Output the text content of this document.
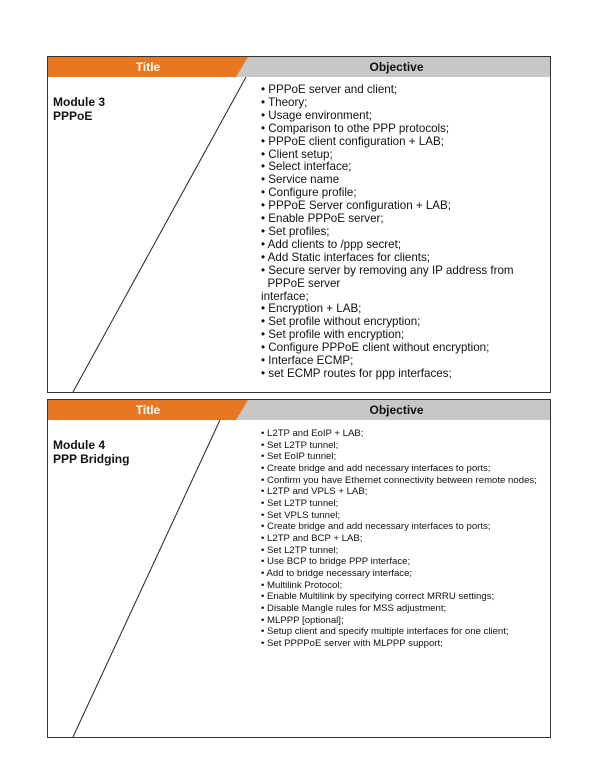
Title	Objective
Module 3
PPPoE
• PPPoE server and client;
• Theory;
• Usage environment;
• Comparison to othe PPP protocols;
• PPPoE client configuration + LAB;
• Client setup;
• Select interface;
• Service name
• Configure profile;
• PPPoE Server configuration + LAB;
• Enable PPPoE server;
• Set profiles;
• Add clients to /ppp secret;
• Add Static interfaces for clients;
• Secure server by removing any IP address from
PPPoE server
interface;
• Encryption + LAB;
• Set profile without encryption;
• Set profile with encryption;
• Configure PPPoE client without encryption;
• Interface ECMP;
• set ECMP routes for ppp interfaces;
Title	Objective
Module 4
PPP Bridging
• L2TP and EoIP + LAB;
• Set L2TP tunnel;
• Set EoIP tunnel;
• Create bridge and add necessary interfaces to ports;
• Confirm you have Ethernet connectivity between remote nodes;
• L2TP and VPLS + LAB;
• Set L2TP tunnel;
• Set VPLS tunnel;
• Create bridge and add necessary interfaces to ports;
• L2TP and BCP + LAB;
• Set L2TP tunnel;
• Use BCP to bridge PPP interface;
• Add to bridge necessary interface;
• Multilink Protocol;
• Enable Multilink by specifying correct MRRU settings;
• Disable Mangle rules for MSS adjustment;
• MLPPP [optional];
• Setup client and specify multiple interfaces for one client;
• Set PPPPoE server with MLPPP support;
